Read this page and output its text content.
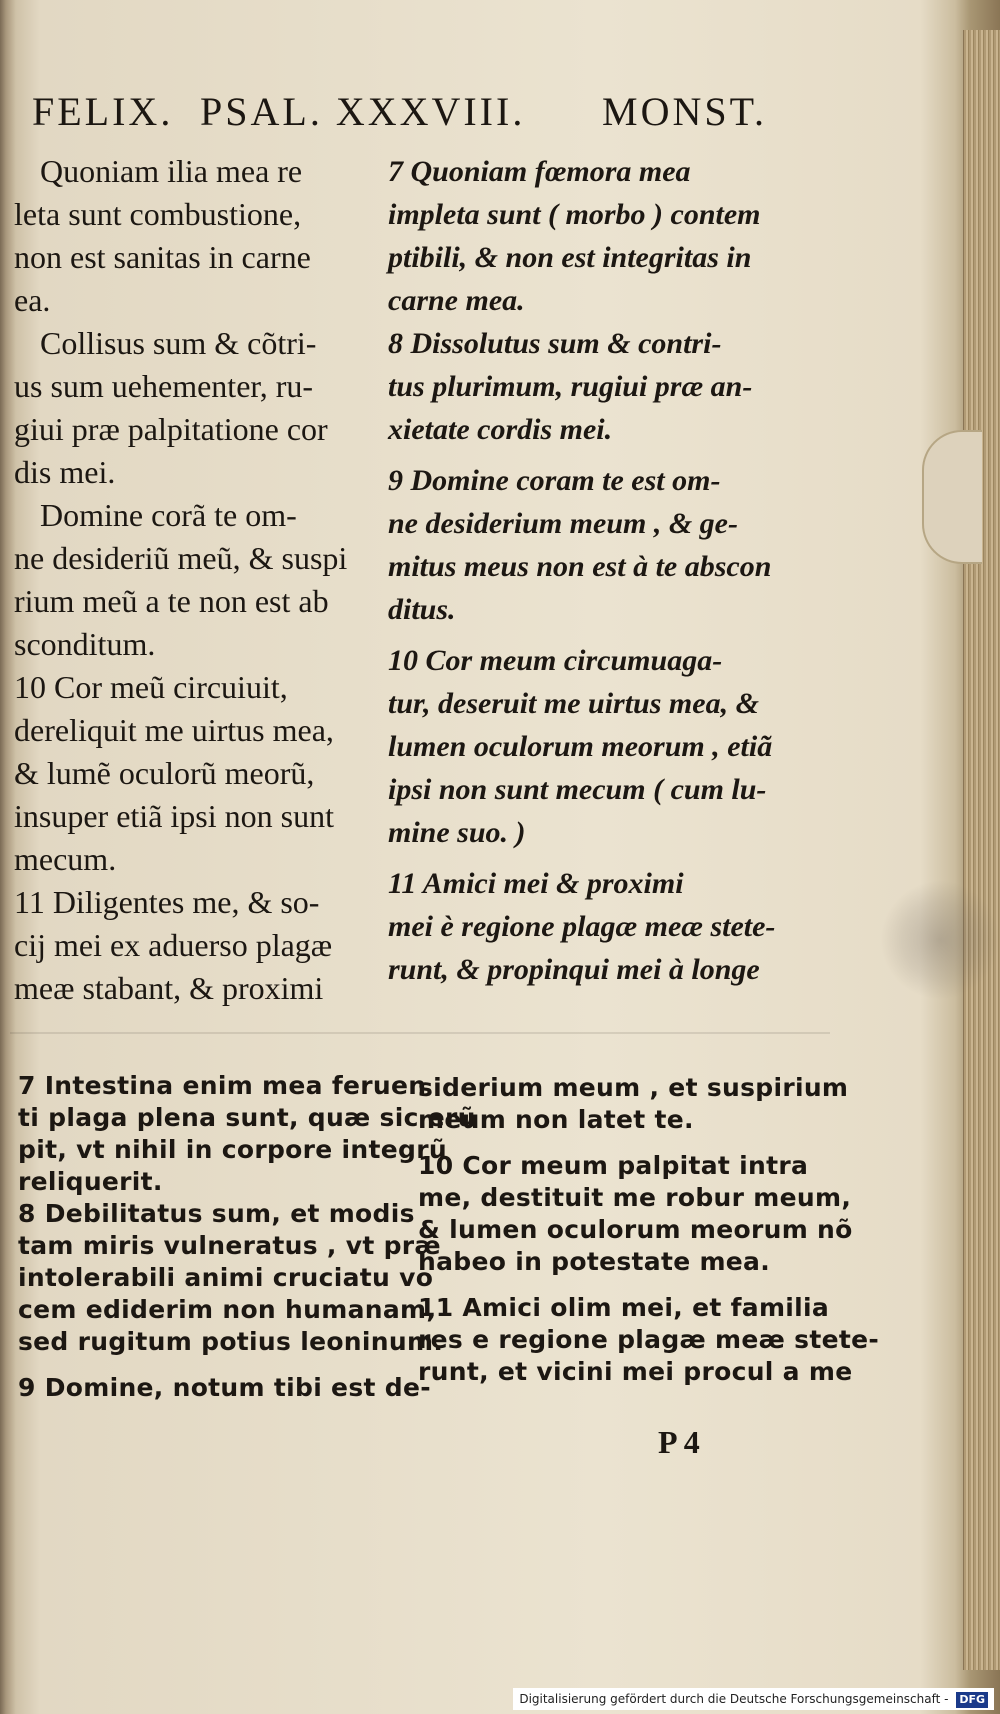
FELIX. PSAL. XXXVIII. MONST.
Quoniam ilia mea re
leta sunt combustione,
non est sanitas in carne
ea.
Collisus sum & cõtri-
us sum uehementer, ru-
giui præ palpitatione cor
dis mei.
Domine corã te om-
ne desideriũ meũ, & suspi
rium meũ a te non est ab
sconditum.
10 Cor meũ circuiuit,
dereliquit me uirtus mea,
& lumẽ oculorũ meorũ,
insuper etiã ipsi non sunt
mecum.
11 Diligentes me, & so-
cij mei ex aduerso plagæ
meæ stabant, & proximi
7 Quoniam fœmora mea
impleta sunt ( morbo ) contem
ptibili, & non est integritas in
carne mea.
8 Dissolutus sum & contri-
tus plurimum, rugiui præ an-
xietate cordis mei.
9 Domine coram te est om-
ne desiderium meum , & ge-
mitus meus non est à te abscon
ditus.
10 Cor meum circumuaga-
tur, deseruit me uirtus mea, &
lumen oculorum meorum , etiã
ipsi non sunt mecum ( cum lu-
mine suo. )
11 Amici mei & proximi
mei è regione plagæ meæ stete-
runt, & propinqui mei à longe
7 Intestina enim mea feruen
ti plaga plena sunt, quæ sic erũ
pit, vt nihil in corpore integrũ
reliquerit.
8 Debilitatus sum, et modis
tam miris vulneratus , vt præ
intolerabili animi cruciatu vo
cem ediderim non humanam,
sed rugitum potius leoninum.
9 Domine, notum tibi est de-
siderium meum , et suspirium
meum non latet te.
10 Cor meum palpitat intra
me, destituit me robur meum,
& lumen oculorum meorum nõ
habeo in potestate mea.
11 Amici olim mei, et familia
res e regione plagæ meæ stete-
runt, et vicini mei procul a me
P 4
Digitalisierung gefördert durch die Deutsche Forschungsgemeinschaft - DFG
